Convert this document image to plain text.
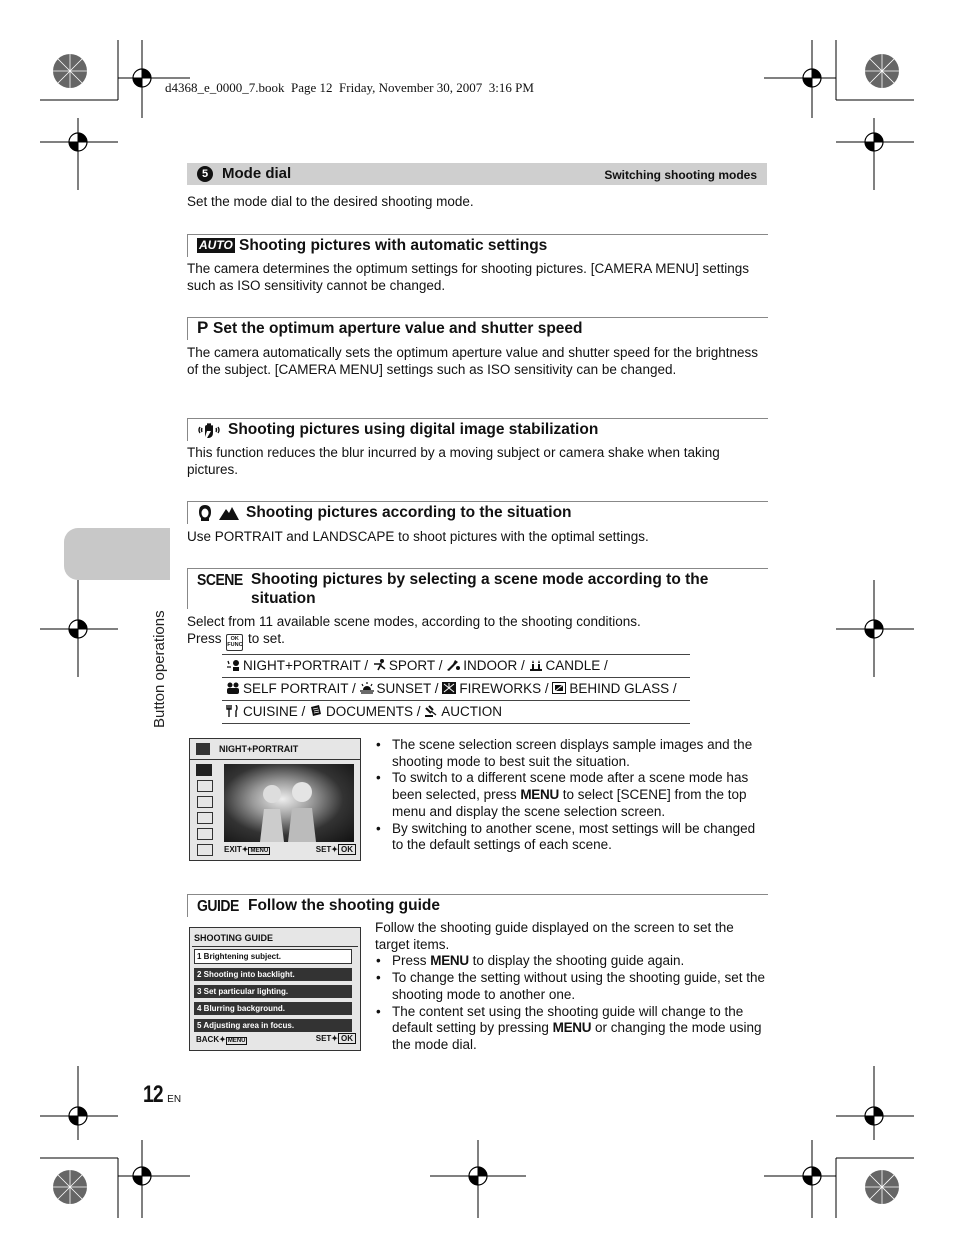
d4368_e_0000_7.book  Page 12  Friday, November 30, 2007  3:16 PM
5 Mode dial	Switching shooting modes
Set the mode dial to the desired shooting mode.
AUTO Shooting pictures with automatic settings
The camera determines the optimum settings for shooting pictures. [CAMERA MENU] settings such as ISO sensitivity cannot be changed.
P Set the optimum aperture value and shutter speed
The camera automatically sets the optimum aperture value and shutter speed for the brightness of the subject. [CAMERA MENU] settings such as ISO sensitivity can be changed.
Shooting pictures using digital image stabilization
This function reduces the blur incurred by a moving subject or camera shake when taking pictures.
Shooting pictures according to the situation
Use PORTRAIT and LANDSCAPE to shoot pictures with the optimal settings.
SCENE Shooting pictures by selecting a scene mode according to the
situation
Select from 11 available scene modes, according to the shooting conditions.
Press	OK
FUNC to set.
NIGHT+PORTRAIT / SPORT / INDOOR / CANDLE /
SELF PORTRAIT / SUNSET / FIREWORKS / BEHIND GLASS /
CUISINE / DOCUMENTS / AUCTION
NIGHT+PORTRAIT
EXIT✦ MENU	SET✦ OK
• The scene selection screen displays sample images and the shooting mode to best suit the situation.
• To switch to a different scene mode after a scene mode has been selected, press MENU to select [SCENE] from the top menu and display the scene selection screen.
• By switching to another scene, most settings will be changed to the default settings of each scene.
GUIDE Follow the shooting guide
SHOOTING GUIDE
1 Brightening subject.
2 Shooting into backlight.
3 Set particular lighting.
4 Blurring background.
5 Adjusting area in focus.
BACK✦ MENU	SET✦ OK
Follow the shooting guide displayed on the screen to set the target items.
• Press MENU to display the shooting guide again.
• To change the setting without using the shooting guide, set the shooting mode to another one.
• The content set using the shooting guide will change to the default setting by pressing MENU or changing the mode using the mode dial.
Button operations
12 EN
